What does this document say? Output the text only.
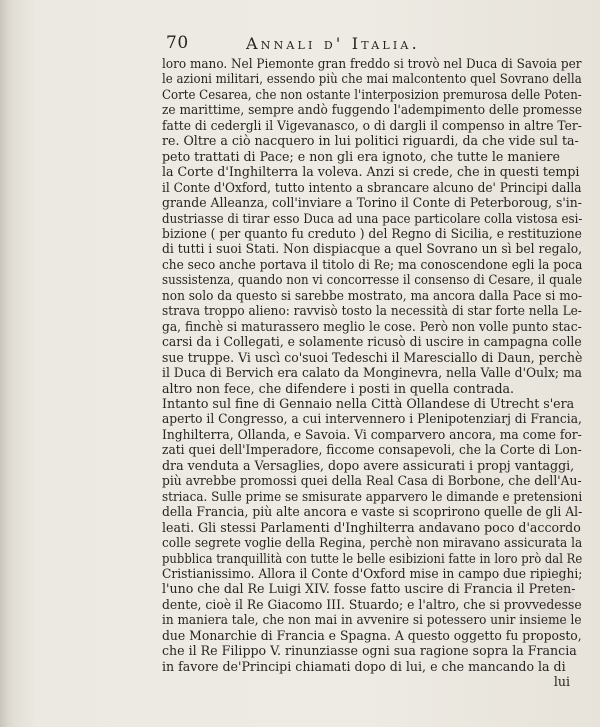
70	Annali d' Italia.
loro mano. Nel Piemonte gran freddo si trovò nel Duca di Savoia per
le azioni militari, essendo più che mai malcontento quel Sovrano della
Corte Cesarea, che non ostante l'interposizion premurosa delle Poten-
ze marittime, sempre andò fuggendo l'adempimento delle promesse
fatte di cedergli il Vigevanasco, o di dargli il compenso in altre Ter-
re. Oltre a ciò nacquero in lui politici riguardi, da che vide sul ta-
peto trattati di Pace; e non gli era ignoto, che tutte le maniere
la Corte d'Inghilterra la voleva. Anzi si crede, che in questi tempi
il Conte d'Oxford, tutto intento a sbrancare alcuno de' Principi dalla
grande Alleanza, coll'inviare a Torino il Conte di Peterboroug, s'in-
dustriasse di tirar esso Duca ad una pace particolare colla vistosa esi-
bizione ( per quanto fu creduto ) del Regno di Sicilia, e restituzione
di tutti i suoi Stati. Non dispiacque a quel Sovrano un sì bel regalo,
che seco anche portava il titolo di Re; ma conoscendone egli la poca
sussistenza, quando non vi concorresse il consenso di Cesare, il quale
non solo da questo si sarebbe mostrato, ma ancora dalla Pace si mo-
strava troppo alieno: ravvisò tosto la necessità di star forte nella Le-
ga, finchè si maturassero meglio le cose. Però non volle punto stac-
carsi da i Collegati, e solamente ricusò di uscire in campagna colle
sue truppe. Vi uscì co'suoi Tedeschi il Maresciallo di Daun, perchè
il Duca di Bervich era calato da Monginevra, nella Valle d'Oulx; ma
altro non fece, che difendere i posti in quella contrada.
Intanto sul fine di Gennaio nella Città Ollandese di Utrecht s'era
aperto il Congresso, a cui intervennero i Plenipotenziarj di Francia,
Inghilterra, Ollanda, e Savoia. Vi comparvero ancora, ma come for-
zati quei dell'Imperadore, ficcome consapevoli, che la Corte di Lon-
dra venduta a Versaglies, dopo avere assicurati i propj vantaggi,
più avrebbe promossi quei della Real Casa di Borbone, che dell'Au-
striaca. Sulle prime se smisurate apparvero le dimande e pretensioni
della Francia, più alte ancora e vaste si scoprirono quelle de gli Al-
leati. Gli stessi Parlamenti d'Inghilterra andavano poco d'accordo
colle segrete voglie della Regina, perchè non miravano assicurata la
pubblica tranquillità con tutte le belle esibizioni fatte in loro prò dal Re
Cristianissimo. Allora il Conte d'Oxford mise in campo due ripieghi;
l'uno che dal Re Luigi XIV. fosse fatto uscire di Francia il Preten-
dente, cioè il Re Giacomo III. Stuardo; e l'altro, che si provvedesse
in maniera tale, che non mai in avvenire si potessero unir insieme le
due Monarchie di Francia e Spagna. A questo oggetto fu proposto,
che il Re Filippo V. rinunziasse ogni sua ragione sopra la Francia
in favore de'Principi chiamati dopo di lui, e che mancando la di
lui
